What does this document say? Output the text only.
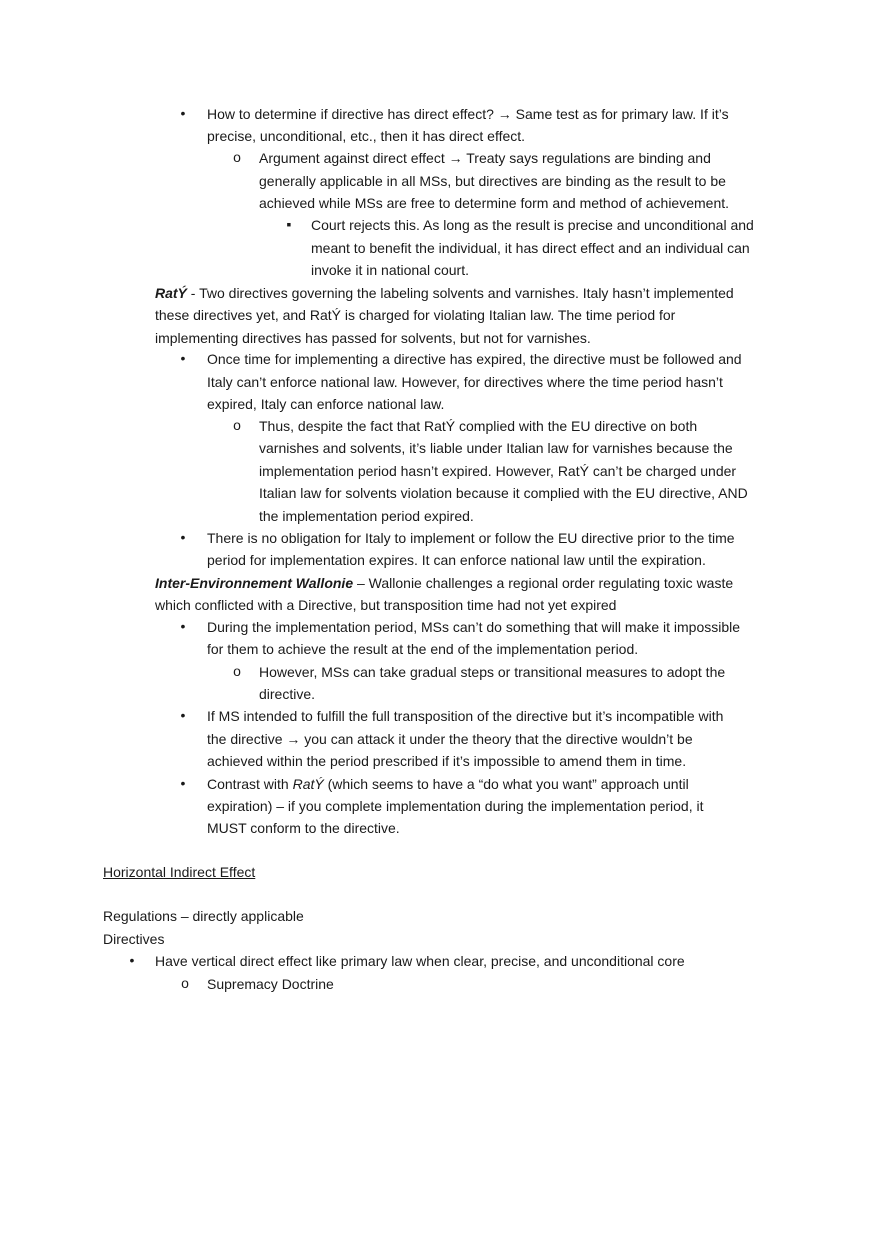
•
How to determine if directive has direct effect? → Same test as for primary law. If it’s
precise, unconditional, etc., then it has direct effect.
o
Argument against direct effect → Treaty says regulations are binding and
generally applicable in all MSs, but directives are binding as the result to be
achieved while MSs are free to determine form and method of achievement.
▪
Court rejects this. As long as the result is precise and unconditional and
meant to benefit the individual, it has direct effect and an individual can
invoke it in national court.
RatÝ - Two directives governing the labeling solvents and varnishes. Italy hasn’t implemented
these directives yet, and RatÝ is charged for violating Italian law. The time period for
implementing directives has passed for solvents, but not for varnishes.
•
Once time for implementing a directive has expired, the directive must be followed and
Italy can’t enforce national law. However, for directives where the time period hasn’t
expired, Italy can enforce national law.
o
Thus, despite the fact that RatÝ complied with the EU directive on both
varnishes and solvents, it’s liable under Italian law for varnishes because the
implementation period hasn’t expired. However, RatÝ can’t be charged under
Italian law for solvents violation because it complied with the EU directive, AND
the implementation period expired.
•
There is no obligation for Italy to implement or follow the EU directive prior to the time
period for implementation expires. It can enforce national law until the expiration.
Inter-Environnement Wallonie – Wallonie challenges a regional order regulating toxic waste
which conflicted with a Directive, but transposition time had not yet expired
•
During the implementation period, MSs can’t do something that will make it impossible
for them to achieve the result at the end of the implementation period.
o
However, MSs can take gradual steps or transitional measures to adopt the
directive.
•
If MS intended to fulfill the full transposition of the directive but it’s incompatible with
the directive → you can attack it under the theory that the directive wouldn’t be
achieved within the period prescribed if it’s impossible to amend them in time.
•
Contrast with RatÝ (which seems to have a “do what you want” approach until
expiration) – if you complete implementation during the implementation period, it
MUST conform to the directive.
Horizontal Indirect Effect
Regulations – directly applicable
Directives
•
Have vertical direct effect like primary law when clear, precise, and unconditional core
o
Supremacy Doctrine
